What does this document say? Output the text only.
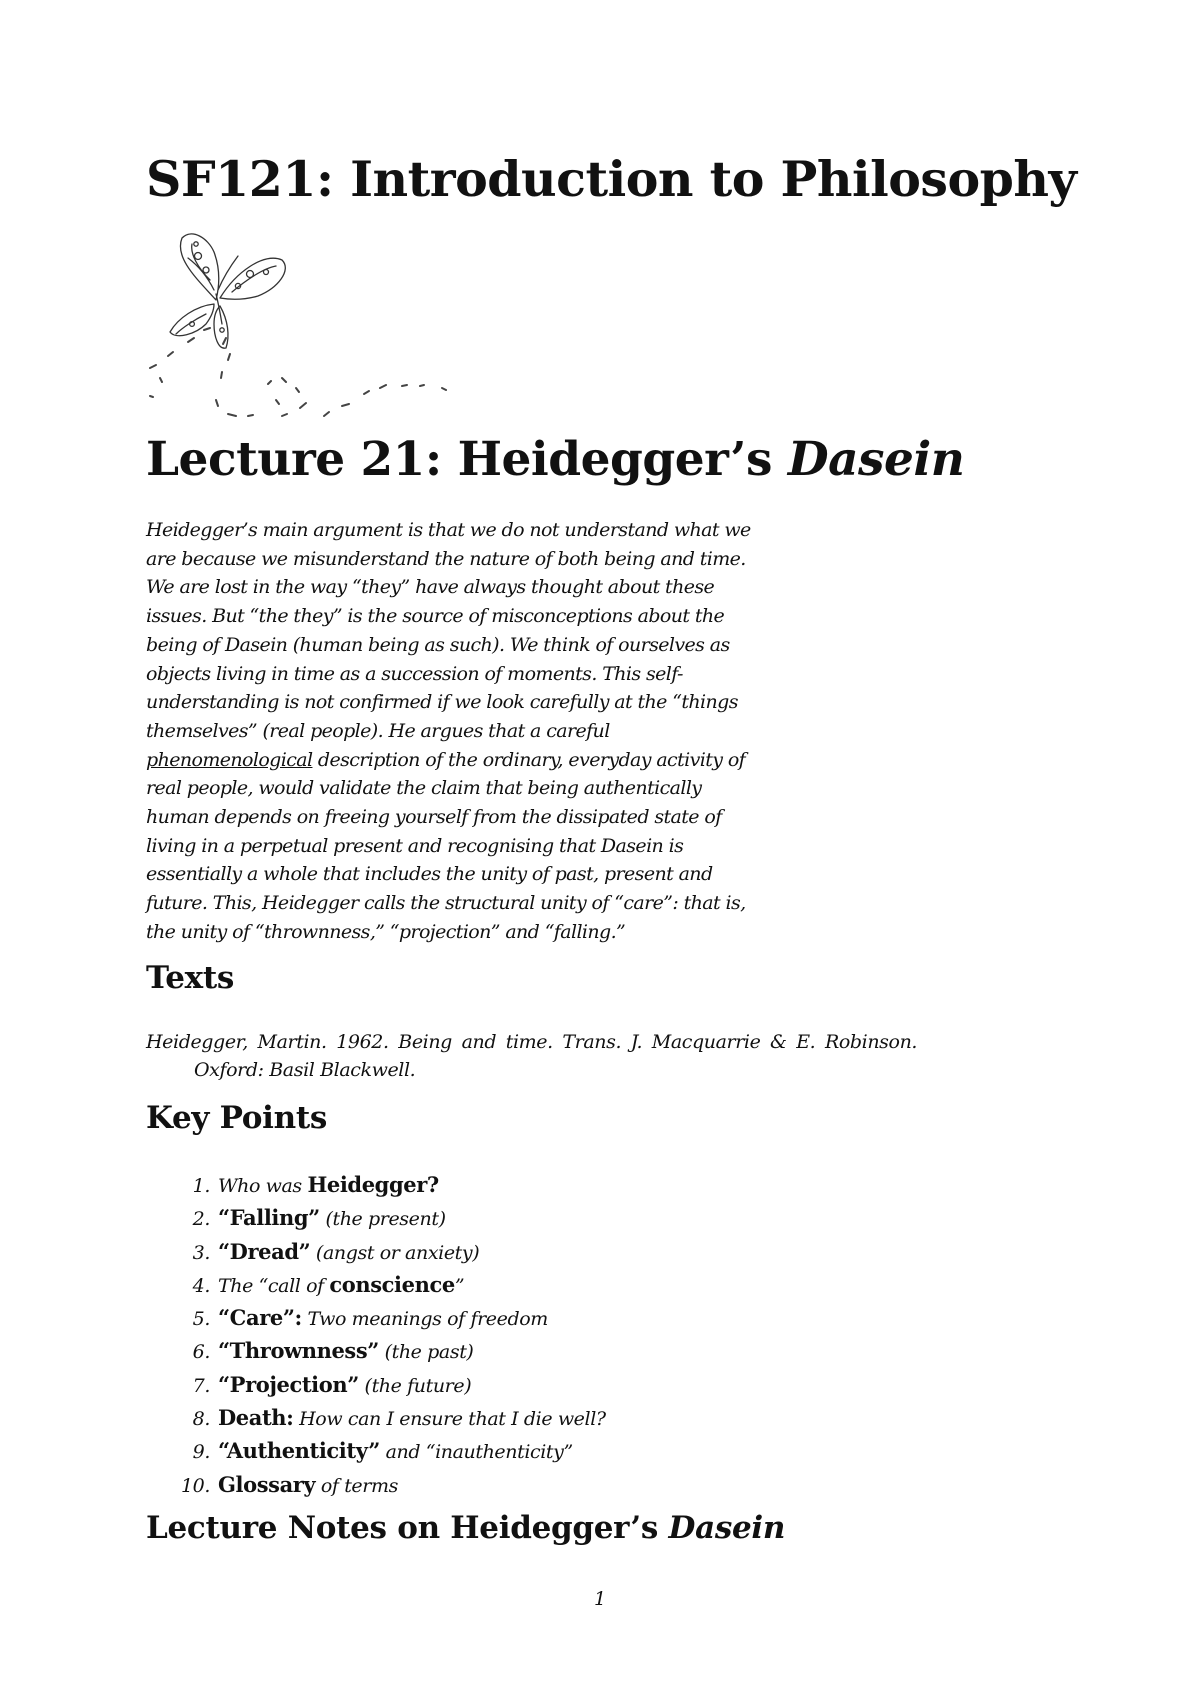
SF121: Introduction to Philosophy
Lecture 21: Heidegger’s Dasein

Heidegger’s main argument is that we do not understand what we
are because we misunderstand the nature of both being and time.
We are lost in the way “they” have always thought about these
issues. But “the they” is the source of misconceptions about the
being of Dasein (human being as such). We think of ourselves as
objects living in time as a succession of moments. This self-
understanding is not confirmed if we look carefully at the “things
themselves” (real people). He argues that a careful
phenomenological description of the ordinary, everyday activity of
real people, would validate the claim that being authentically
human depends on freeing yourself from the dissipated state of
living in a perpetual present and recognising that Dasein is
essentially a whole that includes the unity of past, present and
future. This, Heidegger calls the structural unity of “care”: that is,
the unity of “thrownness,” “projection” and “falling.”

Texts

Heidegger, Martin. 1962. Being and time. Trans. J. Macquarrie & E. Robinson.
Oxford: Basil Blackwell.

Key Points
1. Who was Heidegger?
2. “Falling” (the present)
3. “Dread” (angst or anxiety)
4. The “call of conscience”
5. “Care”: Two meanings of freedom
6. “Thrownness” (the past)
7. “Projection” (the future)
8. Death: How can I ensure that I die well?
9. “Authenticity” and “inauthenticity”
10. Glossary of terms
Lecture Notes on Heidegger’s Dasein
1
